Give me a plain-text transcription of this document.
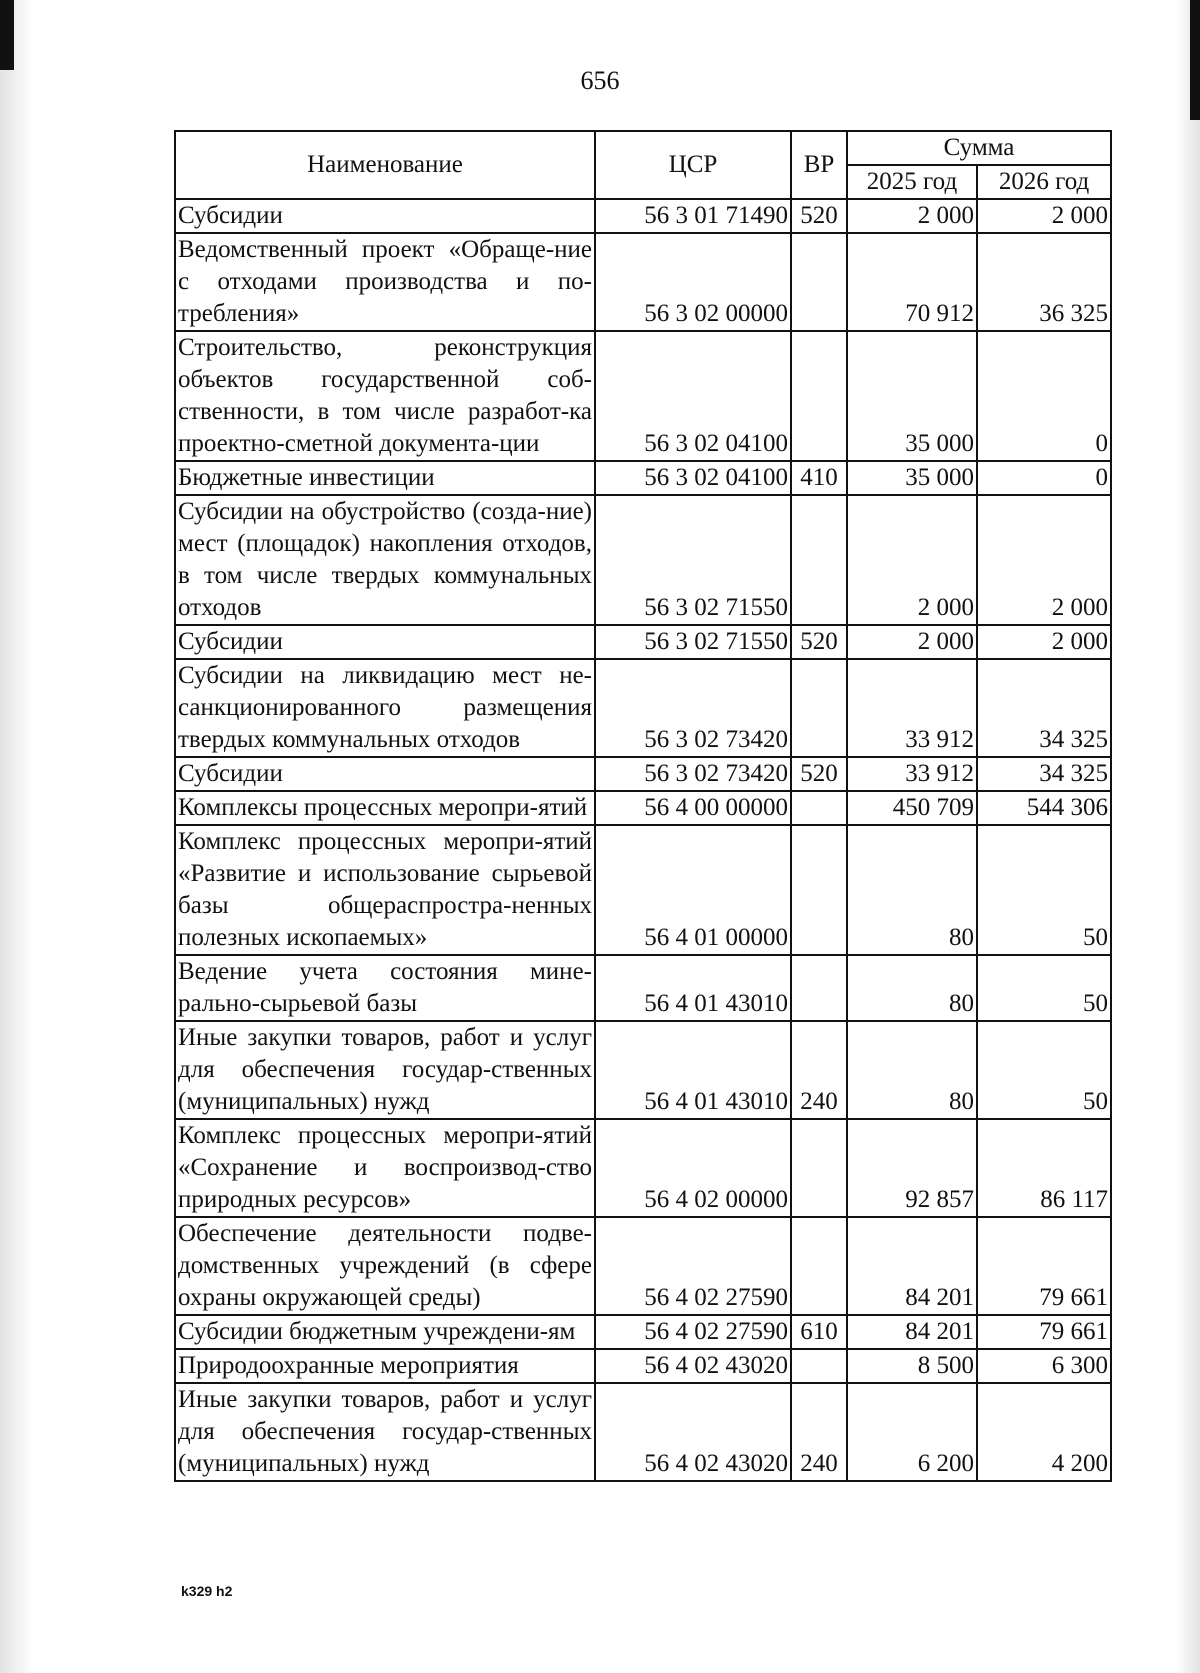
656
Наименование	ЦСР	ВР	Сумма	
			2025 год	2026 год
Субсидии	56 3 01 71490	520	2 000	2 000
Ведомственный проект «Обраще-ние с отходами производства и по-требления»	56 3 02 00000		70 912	36 325
Строительство, реконструкция объектов государственной соб-ственности, в том числе разработ-ка проектно-сметной документа-ции	56 3 02 04100		35 000	0
Бюджетные инвестиции	56 3 02 04100	410	35 000	0
Субсидии на обустройство (созда-ние) мест (площадок) накопления отходов, в том числе твердых коммунальных отходов	56 3 02 71550		2 000	2 000
Субсидии	56 3 02 71550	520	2 000	2 000
Субсидии на ликвидацию мест не-санкционированного размещения твердых коммунальных отходов	56 3 02 73420		33 912	34 325
Субсидии	56 3 02 73420	520	33 912	34 325
Комплексы процессных меропри-ятий	56 4 00 00000		450 709	544 306
Комплекс процессных меропри-ятий «Развитие и использование сырьевой базы общераспростра-ненных полезных ископаемых»	56 4 01 00000		80	50
Ведение учета состояния мине-рально-сырьевой базы	56 4 01 43010		80	50
Иные закупки товаров, работ и услуг для обеспечения государ-ственных (муниципальных) нужд	56 4 01 43010	240	80	50
Комплекс процессных меропри-ятий «Сохранение и воспроизвод-ство природных ресурсов»	56 4 02 00000		92 857	86 117
Обеспечение деятельности подве-домственных учреждений (в сфере охраны окружающей среды)	56 4 02 27590		84 201	79 661
Субсидии бюджетным учреждени-ям	56 4 02 27590	610	84 201	79 661
Природоохранные мероприятия	56 4 02 43020		8 500	6 300
Иные закупки товаров, работ и услуг для обеспечения государ-ственных (муниципальных) нужд	56 4 02 43020	240	6 200	4 200
k329 h2
